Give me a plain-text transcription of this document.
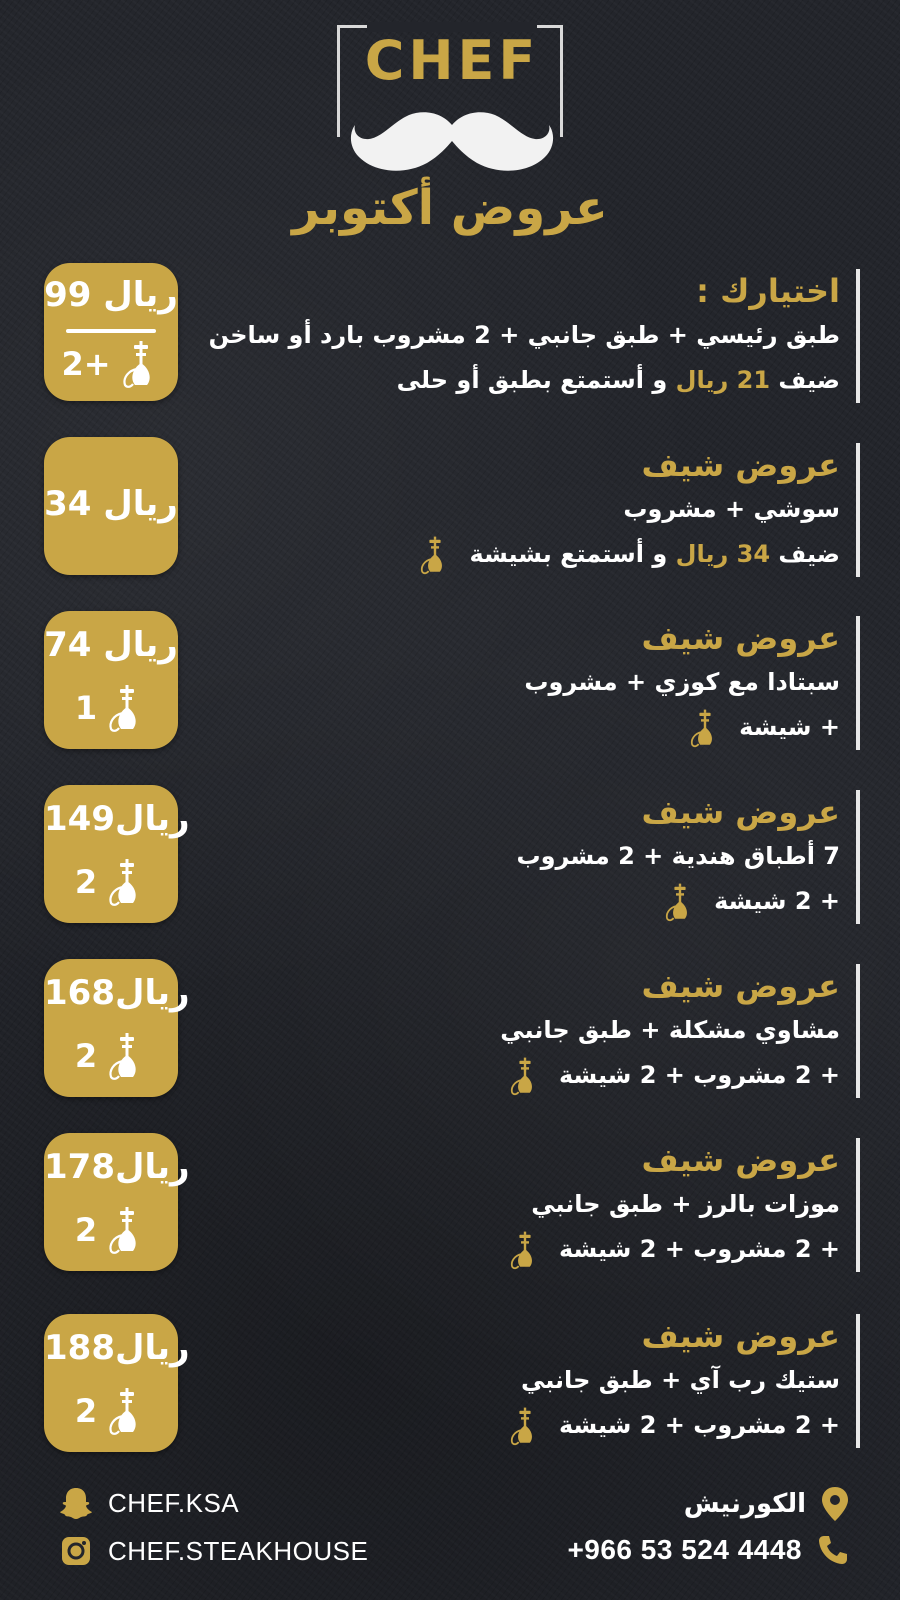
CHEF
عروض أكتوبر
99 ريال
2+
اختيارك :
طبق رئيسي + طبق جانبي + 2 مشروب بارد أو ساخن
ضيف 21 ريال و أستمتع بطبق أو حلى
34 ريال
عروض شيف
سوشي + مشروب
ضيف 34 ريال و أستمتع بشيشة
74 ريال
1
عروض شيف
سبتادا مع كوزي + مشروب
+ شيشة
149ريال
2
عروض شيف
7 أطباق هندية + 2 مشروب
+ 2 شيشة
168ريال
2
عروض شيف
مشاوي مشكلة + طبق جانبي
+ 2 مشروب + 2 شيشة
178ريال
2
عروض شيف
موزات بالرز + طبق جانبي
+ 2 مشروب + 2 شيشة
188ريال
2
عروض شيف
ستيك رب آي + طبق جانبي
+ 2 مشروب + 2 شيشة
CHEF.KSA
CHEF.STEAKHOUSE
الكورنيش
+966 53 524 4448
